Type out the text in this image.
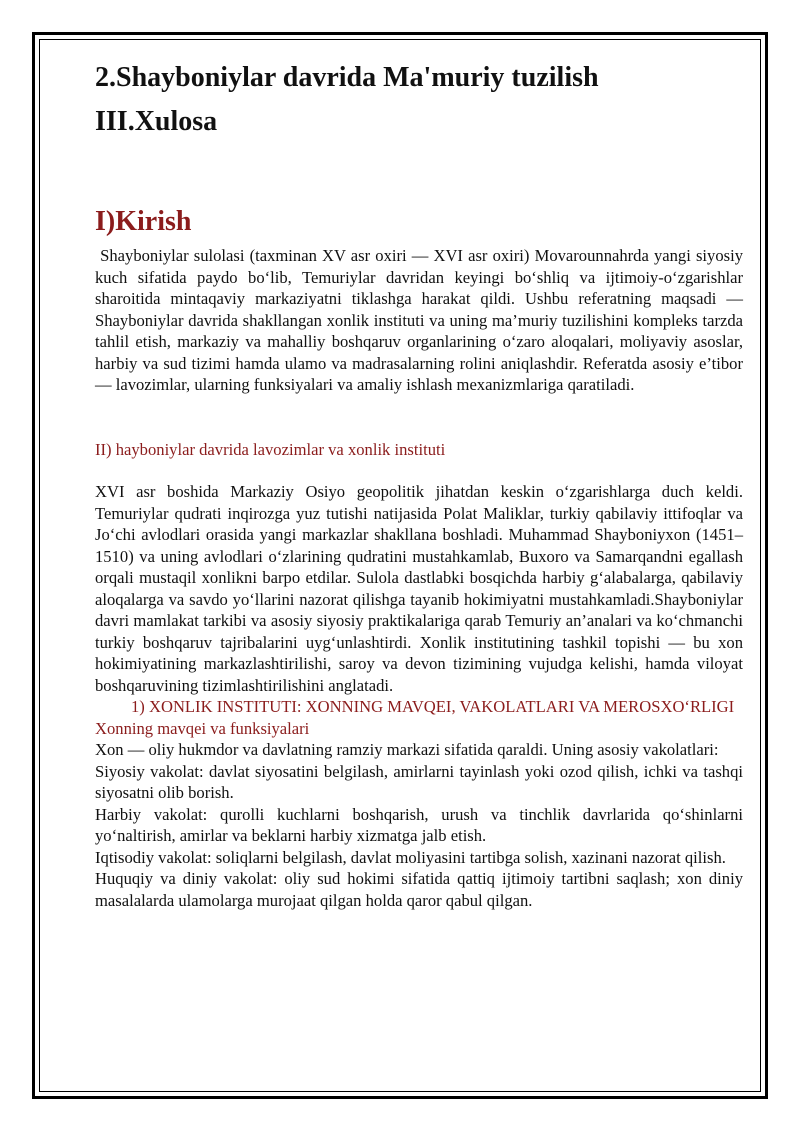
2.Shayboniylar davrida Ma'muriy tuzilish
III.Xulosa
I)Kirish

Shayboniylar sulolasi (taxminan XV asr oxiri — XVI asr oxiri) Movarounnahrda yangi siyosiy kuch sifatida paydo bo‘lib, Temuriylar davridan keyingi bo‘shliq va ijtimoiy-o‘zgarishlar sharoitida mintaqaviy markaziyatni tiklashga harakat qildi. Ushbu referatning maqsadi — Shayboniylar davrida shakllangan xonlik instituti va uning ma’muriy tuzilishini kompleks tarzda tahlil etish, markaziy va mahalliy boshqaruv organlarining o‘zaro aloqalari, moliyaviy asoslar, harbiy va sud tizimi hamda ulamo va madrasalarning rolini aniqlashdir. Referatda asosiy e’tibor — lavozimlar, ularning funksiyalari va amaliy ishlash mexanizmlariga qaratiladi.

II) hayboniylar davrida lavozimlar va xonlik instituti

XVI asr boshida Markaziy Osiyo geopolitik jihatdan keskin o‘zgarishlarga duch keldi. Temuriylar qudrati inqirozga yuz tutishi natijasida Polat Maliklar, turkiy qabilaviy ittifoqlar va Jo‘chi avlodlari orasida yangi markazlar shakllana boshladi. Muhammad Shayboniyxon (1451–1510) va uning avlodlari o‘zlarining qudratini mustahkamlab, Buxoro va Samarqandni egallash orqali mustaqil xonlikni barpo etdilar. Sulola dastlabki bosqichda harbiy g‘alabalarga, qabilaviy aloqalarga va savdo yo‘llarini nazorat qilishga tayanib hokimiyatni mustahkamladi.Shayboniylar davri mamlakat tarkibi va asosiy siyosiy praktikalariga qarab Temuriy an’analari va ko‘chmanchi turkiy boshqaruv tajribalarini uyg‘unlashtirdi. Xonlik institutining tashkil topishi — bu xon hokimiyatining markazlashtirilishi, saroy va devon tizimining vujudga kelishi, hamda viloyat boshqaruvining tizimlashtirilishini anglatadi.

1) XONLIK INSTITUTI: XONNING MAVQEI, VAKOLATLARI VA MEROSXO‘RLIGI

Xonning mavqei va funksiyalari

Xon — oliy hukmdor va davlatning ramziy markazi sifatida qaraldi. Uning asosiy vakolatlari:

Siyosiy vakolat: davlat siyosatini belgilash, amirlarni tayinlash yoki ozod qilish, ichki va tashqi siyosatni olib borish.

Harbiy vakolat: qurolli kuchlarni boshqarish, urush va tinchlik davrlarida qo‘shinlarni yo‘naltirish, amirlar va beklarni harbiy xizmatga jalb etish.

Iqtisodiy vakolat: soliqlarni belgilash, davlat moliyasini tartibga solish, xazinani nazorat qilish.

Huquqiy va diniy vakolat: oliy sud hokimi sifatida qattiq ijtimoiy tartibni saqlash; xon diniy masalalarda ulamolarga murojaat qilgan holda qaror qabul qilgan.
